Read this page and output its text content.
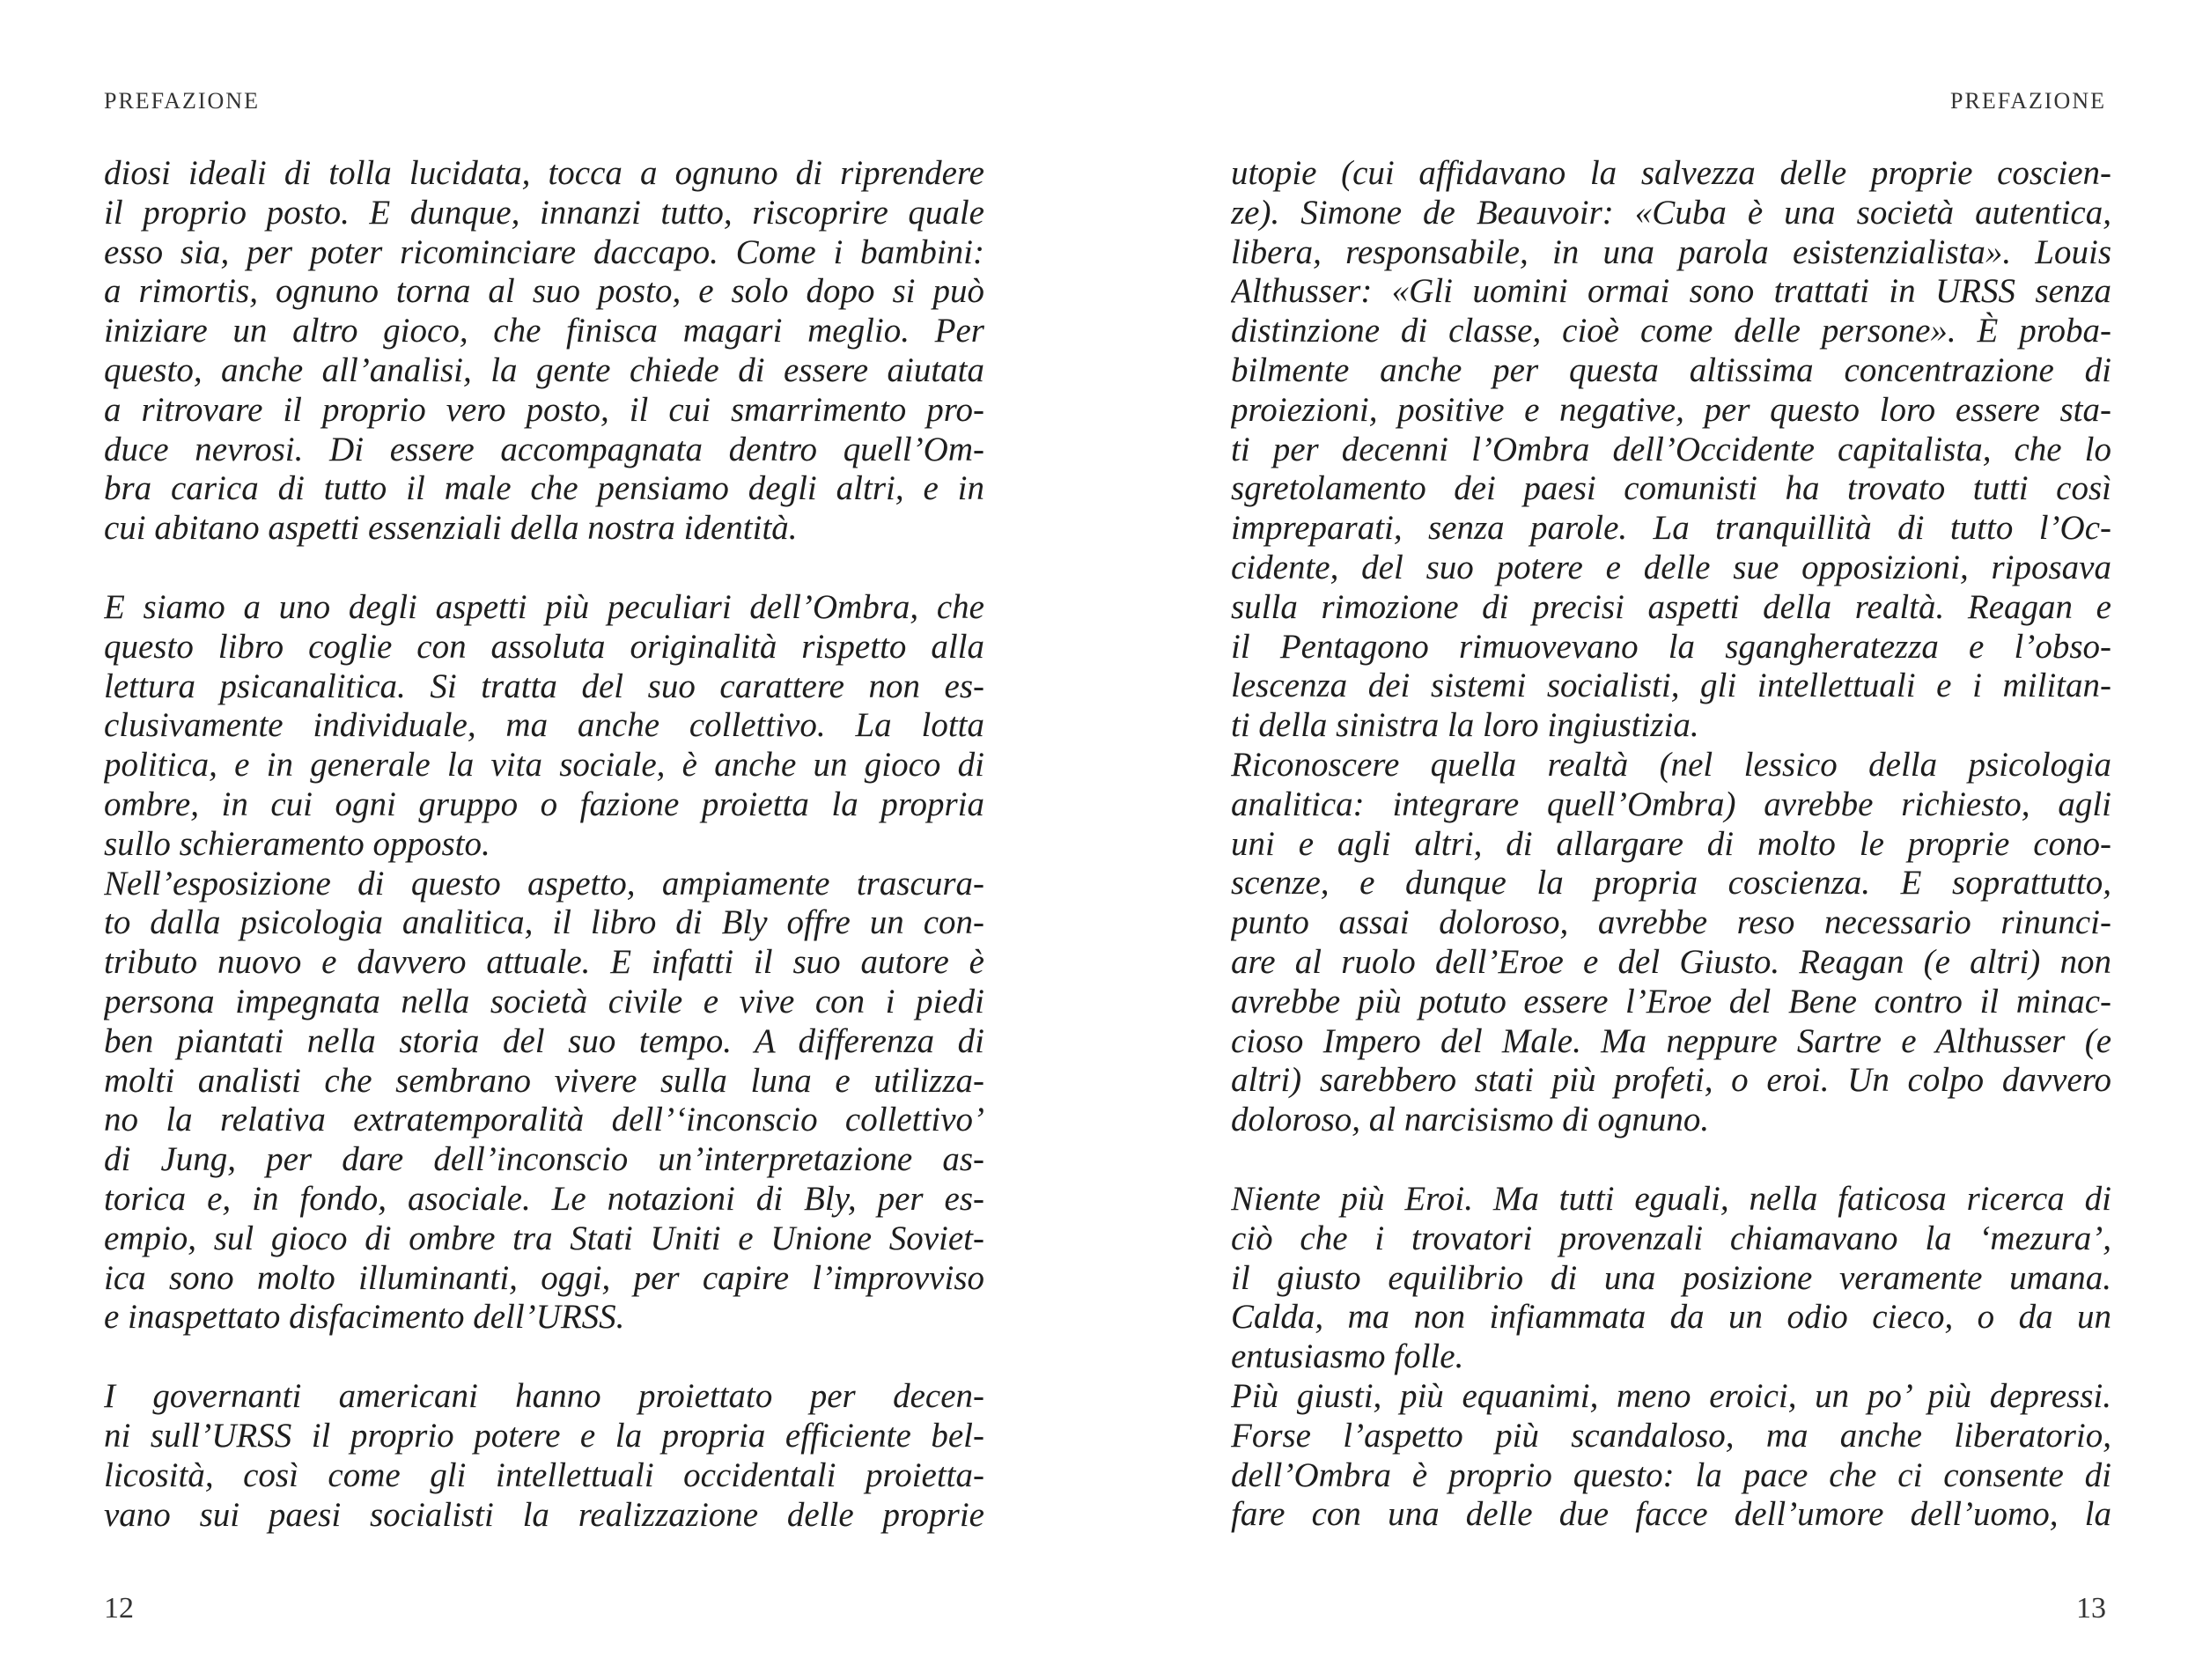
PREFAZIONE

diosi ideali di tolla lucidata, tocca a ognuno di riprendere
il proprio posto. E dunque, innanzi tutto, riscoprire quale
esso sia, per poter ricominciare daccapo. Come i bambini:
a rimortis, ognuno torna al suo posto, e solo dopo si può
iniziare un altro gioco, che finisca magari meglio. Per
questo, anche all’analisi, la gente chiede di essere aiutata
a ritrovare il proprio vero posto, il cui smarrimento pro-
duce nevrosi. Di essere accompagnata dentro quell’Om-
bra carica di tutto il male che pensiamo degli altri, e in
cui abitano aspetti essenziali della nostra identità.

E siamo a uno degli aspetti più peculiari dell’Ombra, che
questo libro coglie con assoluta originalità rispetto alla
lettura psicanalitica. Si tratta del suo carattere non es-
clusivamente individuale, ma anche collettivo. La lotta
politica, e in generale la vita sociale, è anche un gioco di
ombre, in cui ogni gruppo o fazione proietta la propria
sullo schieramento opposto.

Nell’esposizione di questo aspetto, ampiamente trascura-
to dalla psicologia analitica, il libro di Bly offre un con-
tributo nuovo e davvero attuale. E infatti il suo autore è
persona impegnata nella società civile e vive con i piedi
ben piantati nella storia del suo tempo. A differenza di
molti analisti che sembrano vivere sulla luna e utilizza-
no la relativa extratemporalità dell’‘inconscio collettivo’
di Jung, per dare dell’inconscio un’interpretazione as-
torica e, in fondo, asociale. Le notazioni di Bly, per es-
empio, sul gioco di ombre tra Stati Uniti e Unione Soviet-
ica sono molto illuminanti, oggi, per capire l’improvviso
e inaspettato disfacimento dell’URSS.

I governanti americani hanno proiettato per decen-
ni sull’URSS il proprio potere e la propria efficiente bel-
licosità, così come gli intellettuali occidentali proietta-
vano sui paesi socialisti la realizzazione delle proprie

12
PREFAZIONE

utopie (cui affidavano la salvezza delle proprie coscien-
ze). Simone de Beauvoir: «Cuba è una società autentica,
libera, responsabile, in una parola esistenzialista». Louis
Althusser: «Gli uomini ormai sono trattati in URSS senza
distinzione di classe, cioè come delle persone». È proba-
bilmente anche per questa altissima concentrazione di
proiezioni, positive e negative, per questo loro essere sta-
ti per decenni l’Ombra dell’Occidente capitalista, che lo
sgretolamento dei paesi comunisti ha trovato tutti così
impreparati, senza parole. La tranquillità di tutto l’Oc-
cidente, del suo potere e delle sue opposizioni, riposava
sulla rimozione di precisi aspetti della realtà. Reagan e
il Pentagono rimuovevano la sgangheratezza e l’obso-
lescenza dei sistemi socialisti, gli intellettuali e i militan-
ti della sinistra la loro ingiustizia.

Riconoscere quella realtà (nel lessico della psicologia
analitica: integrare quell’Ombra) avrebbe richiesto, agli
uni e agli altri, di allargare di molto le proprie cono-
scenze, e dunque la propria coscienza. E soprattutto,
punto assai doloroso, avrebbe reso necessario rinunci-
are al ruolo dell’Eroe e del Giusto. Reagan (e altri) non
avrebbe più potuto essere l’Eroe del Bene contro il minac-
cioso Impero del Male. Ma neppure Sartre e Althusser (e
altri) sarebbero stati più profeti, o eroi. Un colpo davvero
doloroso, al narcisismo di ognuno.

Niente più Eroi. Ma tutti eguali, nella faticosa ricerca di
ciò che i trovatori provenzali chiamavano la ‘mezura’,
il giusto equilibrio di una posizione veramente umana.
Calda, ma non infiammata da un odio cieco, o da un
entusiasmo folle.

Più giusti, più equanimi, meno eroici, un po’ più depressi.
Forse l’aspetto più scandaloso, ma anche liberatorio,
dell’Ombra è proprio questo: la pace che ci consente di
fare con una delle due facce dell’umore dell’uomo, la

13
